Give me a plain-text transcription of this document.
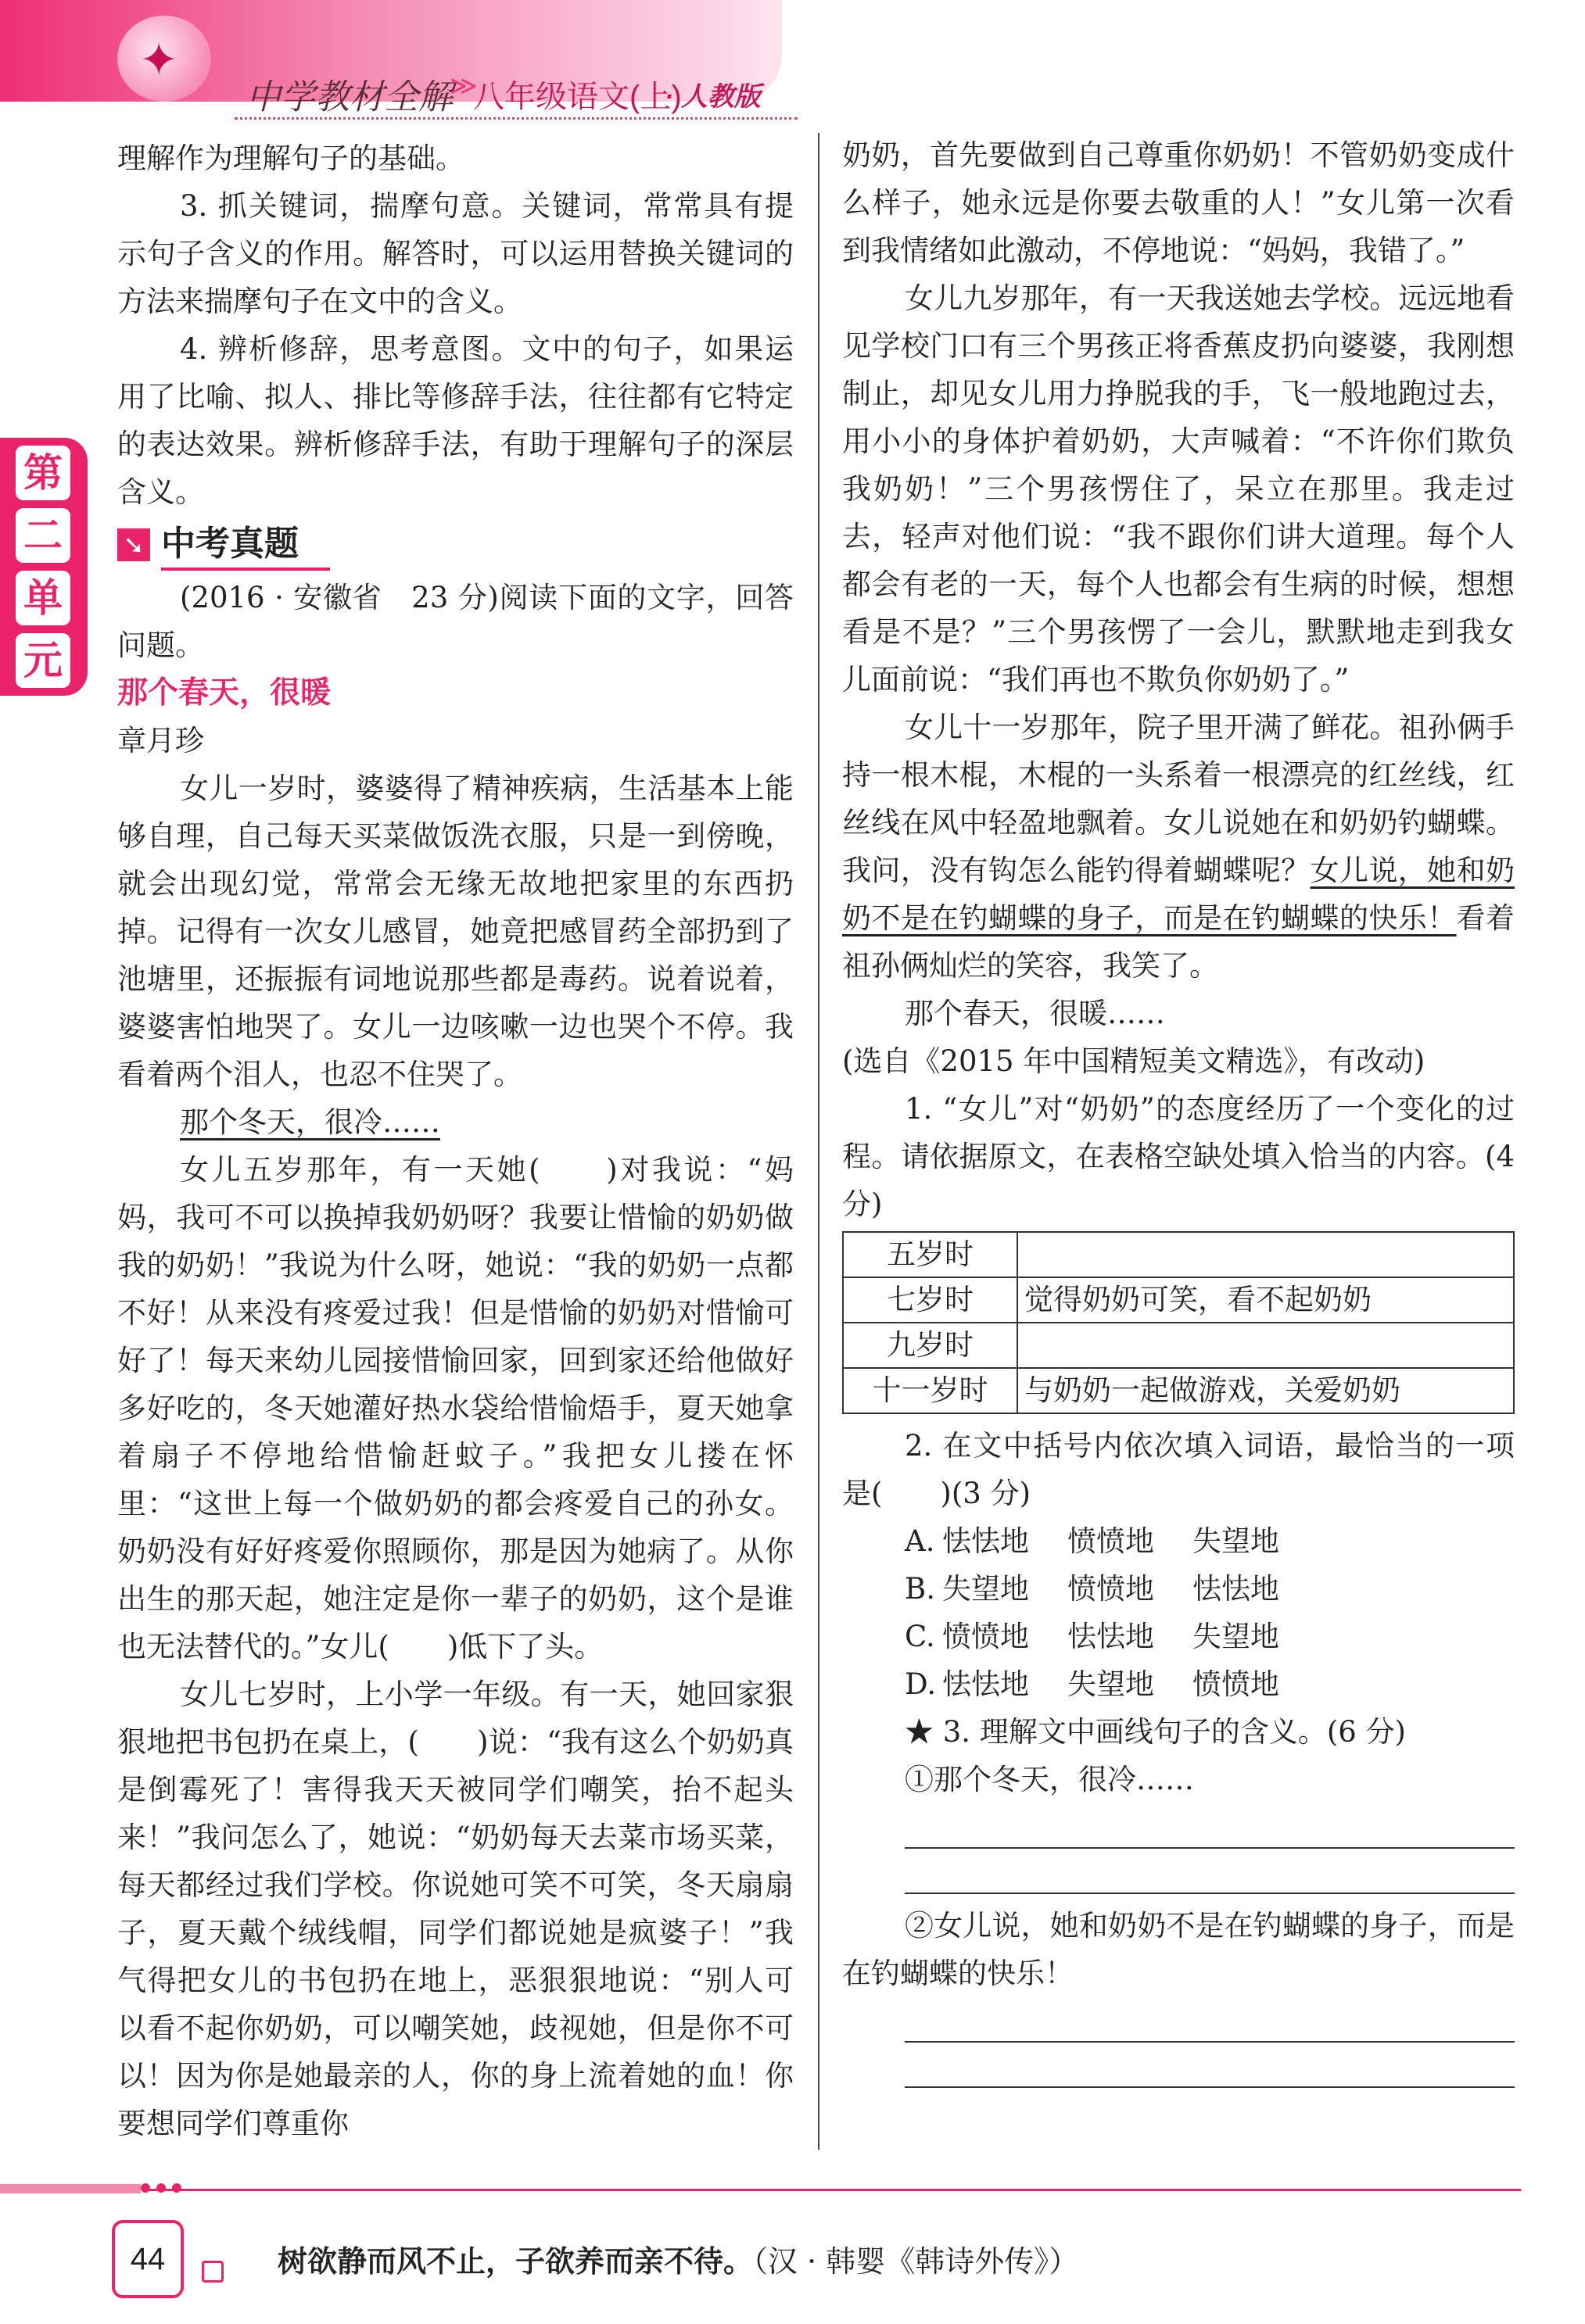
✦
中学教材全解
≫
八年级语文(上)
· 人教版
第
二
单
元

理解作为理解句子的基础。

3. 抓关键词，揣摩句意。关键词，常常具有提示句子含义的作用。解答时，可以运用替换关键词的方法来揣摩句子在文中的含义。

4. 辨析修辞，思考意图。文中的句子，如果运用了比喻、拟人、排比等修辞手法，往往都有它特定的表达效果。辨析修辞手法，有助于理解句子的深层含义。

➘ 中考真题

(2016 · 安徽省　23 分)阅读下面的文字，回答问题。

那个春天，很暖

章月珍

女儿一岁时，婆婆得了精神疾病，生活基本上能够自理，自己每天买菜做饭洗衣服，只是一到傍晚，就会出现幻觉，常常会无缘无故地把家里的东西扔掉。记得有一次女儿感冒，她竟把感冒药全部扔到了池塘里，还振振有词地说那些都是毒药。说着说着，婆婆害怕地哭了。女儿一边咳嗽一边也哭个不停。我看着两个泪人，也忍不住哭了。

那个冬天，很冷……

女儿五岁那年，有一天她(　　)对我说：“妈妈，我可不可以换掉我奶奶呀？我要让惜愉的奶奶做我的奶奶！”我说为什么呀，她说：“我的奶奶一点都不好！从来没有疼爱过我！但是惜愉的奶奶对惜愉可好了！每天来幼儿园接惜愉回家，回到家还给他做好多好吃的，冬天她灌好热水袋给惜愉焐手，夏天她拿着扇子不停地给惜愉赶蚊子。”我把女儿搂在怀里：“这世上每一个做奶奶的都会疼爱自己的孙女。奶奶没有好好疼爱你照顾你，那是因为她病了。从你出生的那天起，她注定是你一辈子的奶奶，这个是谁也无法替代的。”女儿(　　)低下了头。

女儿七岁时，上小学一年级。有一天，她回家狠狠地把书包扔在桌上，(　　)说：“我有这么个奶奶真是倒霉死了！害得我天天被同学们嘲笑，抬不起头来！”我问怎么了，她说：“奶奶每天去菜市场买菜，每天都经过我们学校。你说她可笑不可笑，冬天扇扇子，夏天戴个绒线帽，同学们都说她是疯婆子！”我气得把女儿的书包扔在地上，恶狠狠地说：“别人可以看不起你奶奶，可以嘲笑她，歧视她，但是你不可以！因为你是她最亲的人，你的身上流着她的血！你要想同学们尊重你

奶奶，首先要做到自己尊重你奶奶！不管奶奶变成什么样子，她永远是你要去敬重的人！”女儿第一次看到我情绪如此激动，不停地说：“妈妈，我错了。”

女儿九岁那年，有一天我送她去学校。远远地看见学校门口有三个男孩正将香蕉皮扔向婆婆，我刚想制止，却见女儿用力挣脱我的手，飞一般地跑过去，用小小的身体护着奶奶，大声喊着：“不许你们欺负我奶奶！”三个男孩愣住了，呆立在那里。我走过去，轻声对他们说：“我不跟你们讲大道理。每个人都会有老的一天，每个人也都会有生病的时候，想想看是不是？”三个男孩愣了一会儿，默默地走到我女儿面前说：“我们再也不欺负你奶奶了。”

女儿十一岁那年，院子里开满了鲜花。祖孙俩手持一根木棍，木棍的一头系着一根漂亮的红丝线，红丝线在风中轻盈地飘着。女儿说她在和奶奶钓蝴蝶。我问，没有钩怎么能钓得着蝴蝶呢？女儿说，她和奶奶不是在钓蝴蝶的身子，而是在钓蝴蝶的快乐！看着祖孙俩灿烂的笑容，我笑了。

那个春天，很暖……

(选自《2015 年中国精短美文精选》，有改动)

1. “女儿”对“奶奶”的态度经历了一个变化的过程。请依据原文，在表格空缺处填入恰当的内容。(4 分)

五岁时	
七岁时	觉得奶奶可笑，看不起奶奶
九岁时	
十一岁时	与奶奶一起做游戏，关爱奶奶

2. 在文中括号内依次填入词语，最恰当的一项是(　　)(3 分)

A. 怯怯地 愤愤地 失望地
B. 失望地 愤愤地 怯怯地
C. 愤愤地 怯怯地 失望地
D. 怯怯地 失望地 愤愤地

★ 3. 理解文中画线句子的含义。(6 分)

①那个冬天，很冷……

②女儿说，她和奶奶不是在钓蝴蝶的身子，而是在钓蝴蝶的快乐！

44	树欲静而风不止，子欲养而亲不待。（汉 · 韩婴《韩诗外传》）
